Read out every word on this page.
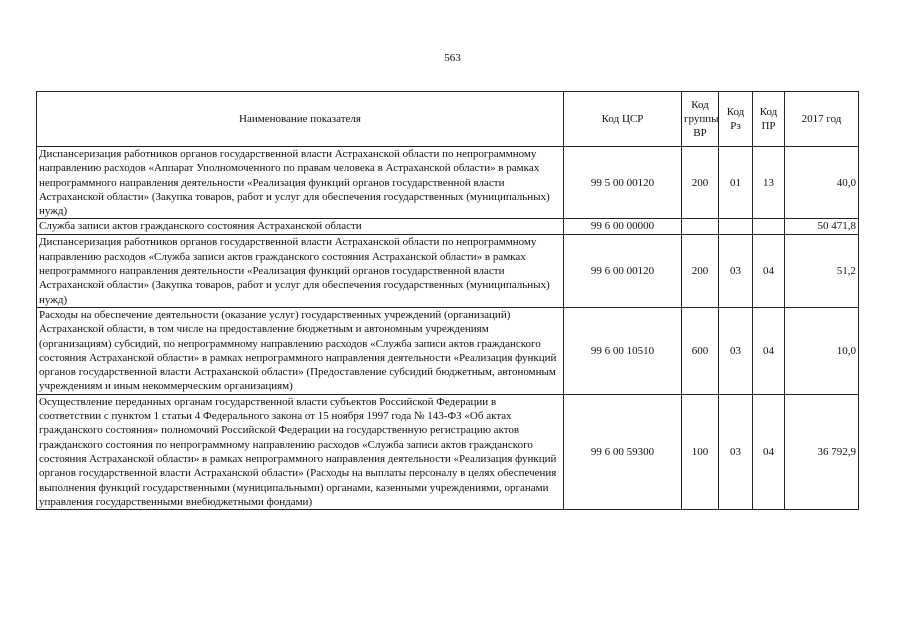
563
Наименование показателя	Код ЦСР	Код группы ВР	Код Рз	Код ПР	2017 год
Диспансеризация работников органов государственной власти Астраханской области по непрограммному направлению расходов «Аппарат Уполномоченного по правам человека в Астраханской области» в рамках непрограммного направления деятельности «Реализация функций органов государственной власти Астраханской области» (Закупка товаров, работ и услуг для обеспечения государственных (муниципальных) нужд)	99 5 00 00120	200	01	13	40,0
Служба записи актов гражданского состояния Астраханской области	99 6 00 00000				50 471,8
Диспансеризация работников органов государственной власти Астраханской области по непрограммному направлению расходов «Служба записи актов гражданского состояния Астраханской области» в рамках непрограммного направления деятельности «Реализация функций органов государственной власти Астраханской области» (Закупка товаров, работ и услуг для обеспечения государственных (муниципальных) нужд)	99 6 00 00120	200	03	04	51,2
Расходы на обеспечение деятельности (оказание услуг) государственных учреждений (организаций) Астраханской области, в том числе на предоставление бюджетным и автономным учреждениям (организациям) субсидий, по непрограммному направлению расходов «Служба записи актов гражданского состояния Астраханской области» в рамках непрограммного направления деятельности «Реализация функций органов государственной власти Астраханской области» (Предоставление субсидий бюджетным, автономным учреждениям и иным некоммерческим организациям)	99 6 00 10510	600	03	04	10,0
Осуществление переданных органам государственной власти субъектов Российской Федерации в соответствии с пунктом 1 статьи 4 Федерального закона от 15 ноября 1997 года № 143-ФЗ «Об актах гражданского состояния» полномочий Российской Федерации на государственную регистрацию актов гражданского состояния по непрограммному направлению расходов «Служба записи актов гражданского состояния Астраханской области» в рамках непрограммного направления деятельности «Реализация функций органов государственной власти Астраханской области» (Расходы на выплаты персоналу в целях обеспечения выполнения функций государственными (муниципальными) органами, казенными учреждениями, органами управления государственными внебюджетными фондами)	99 6 00 59300	100	03	04	36 792,9
